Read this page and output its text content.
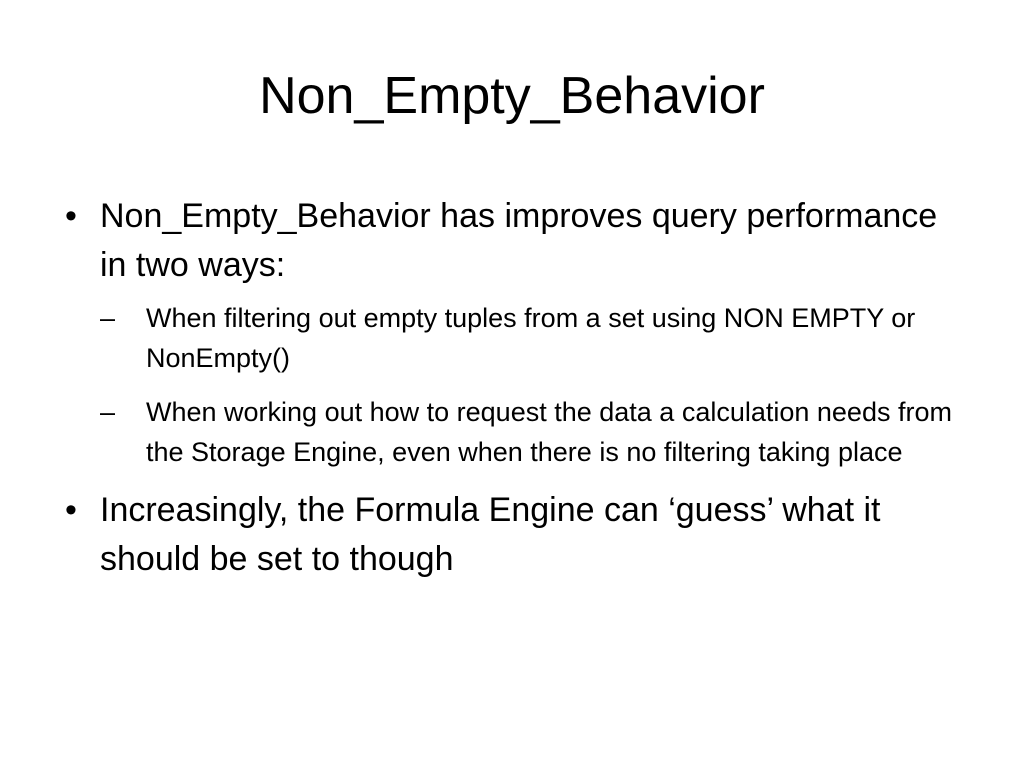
Non_Empty_Behavior
• Non_Empty_Behavior has improves query performance in two ways:
–	When filtering out empty tuples from a set using NON EMPTY or NonEmpty()
–	When working out how to request the data a calculation needs from the Storage Engine, even when there is no filtering taking place
• Increasingly, the Formula Engine can ‘guess’ what it should be set to though
